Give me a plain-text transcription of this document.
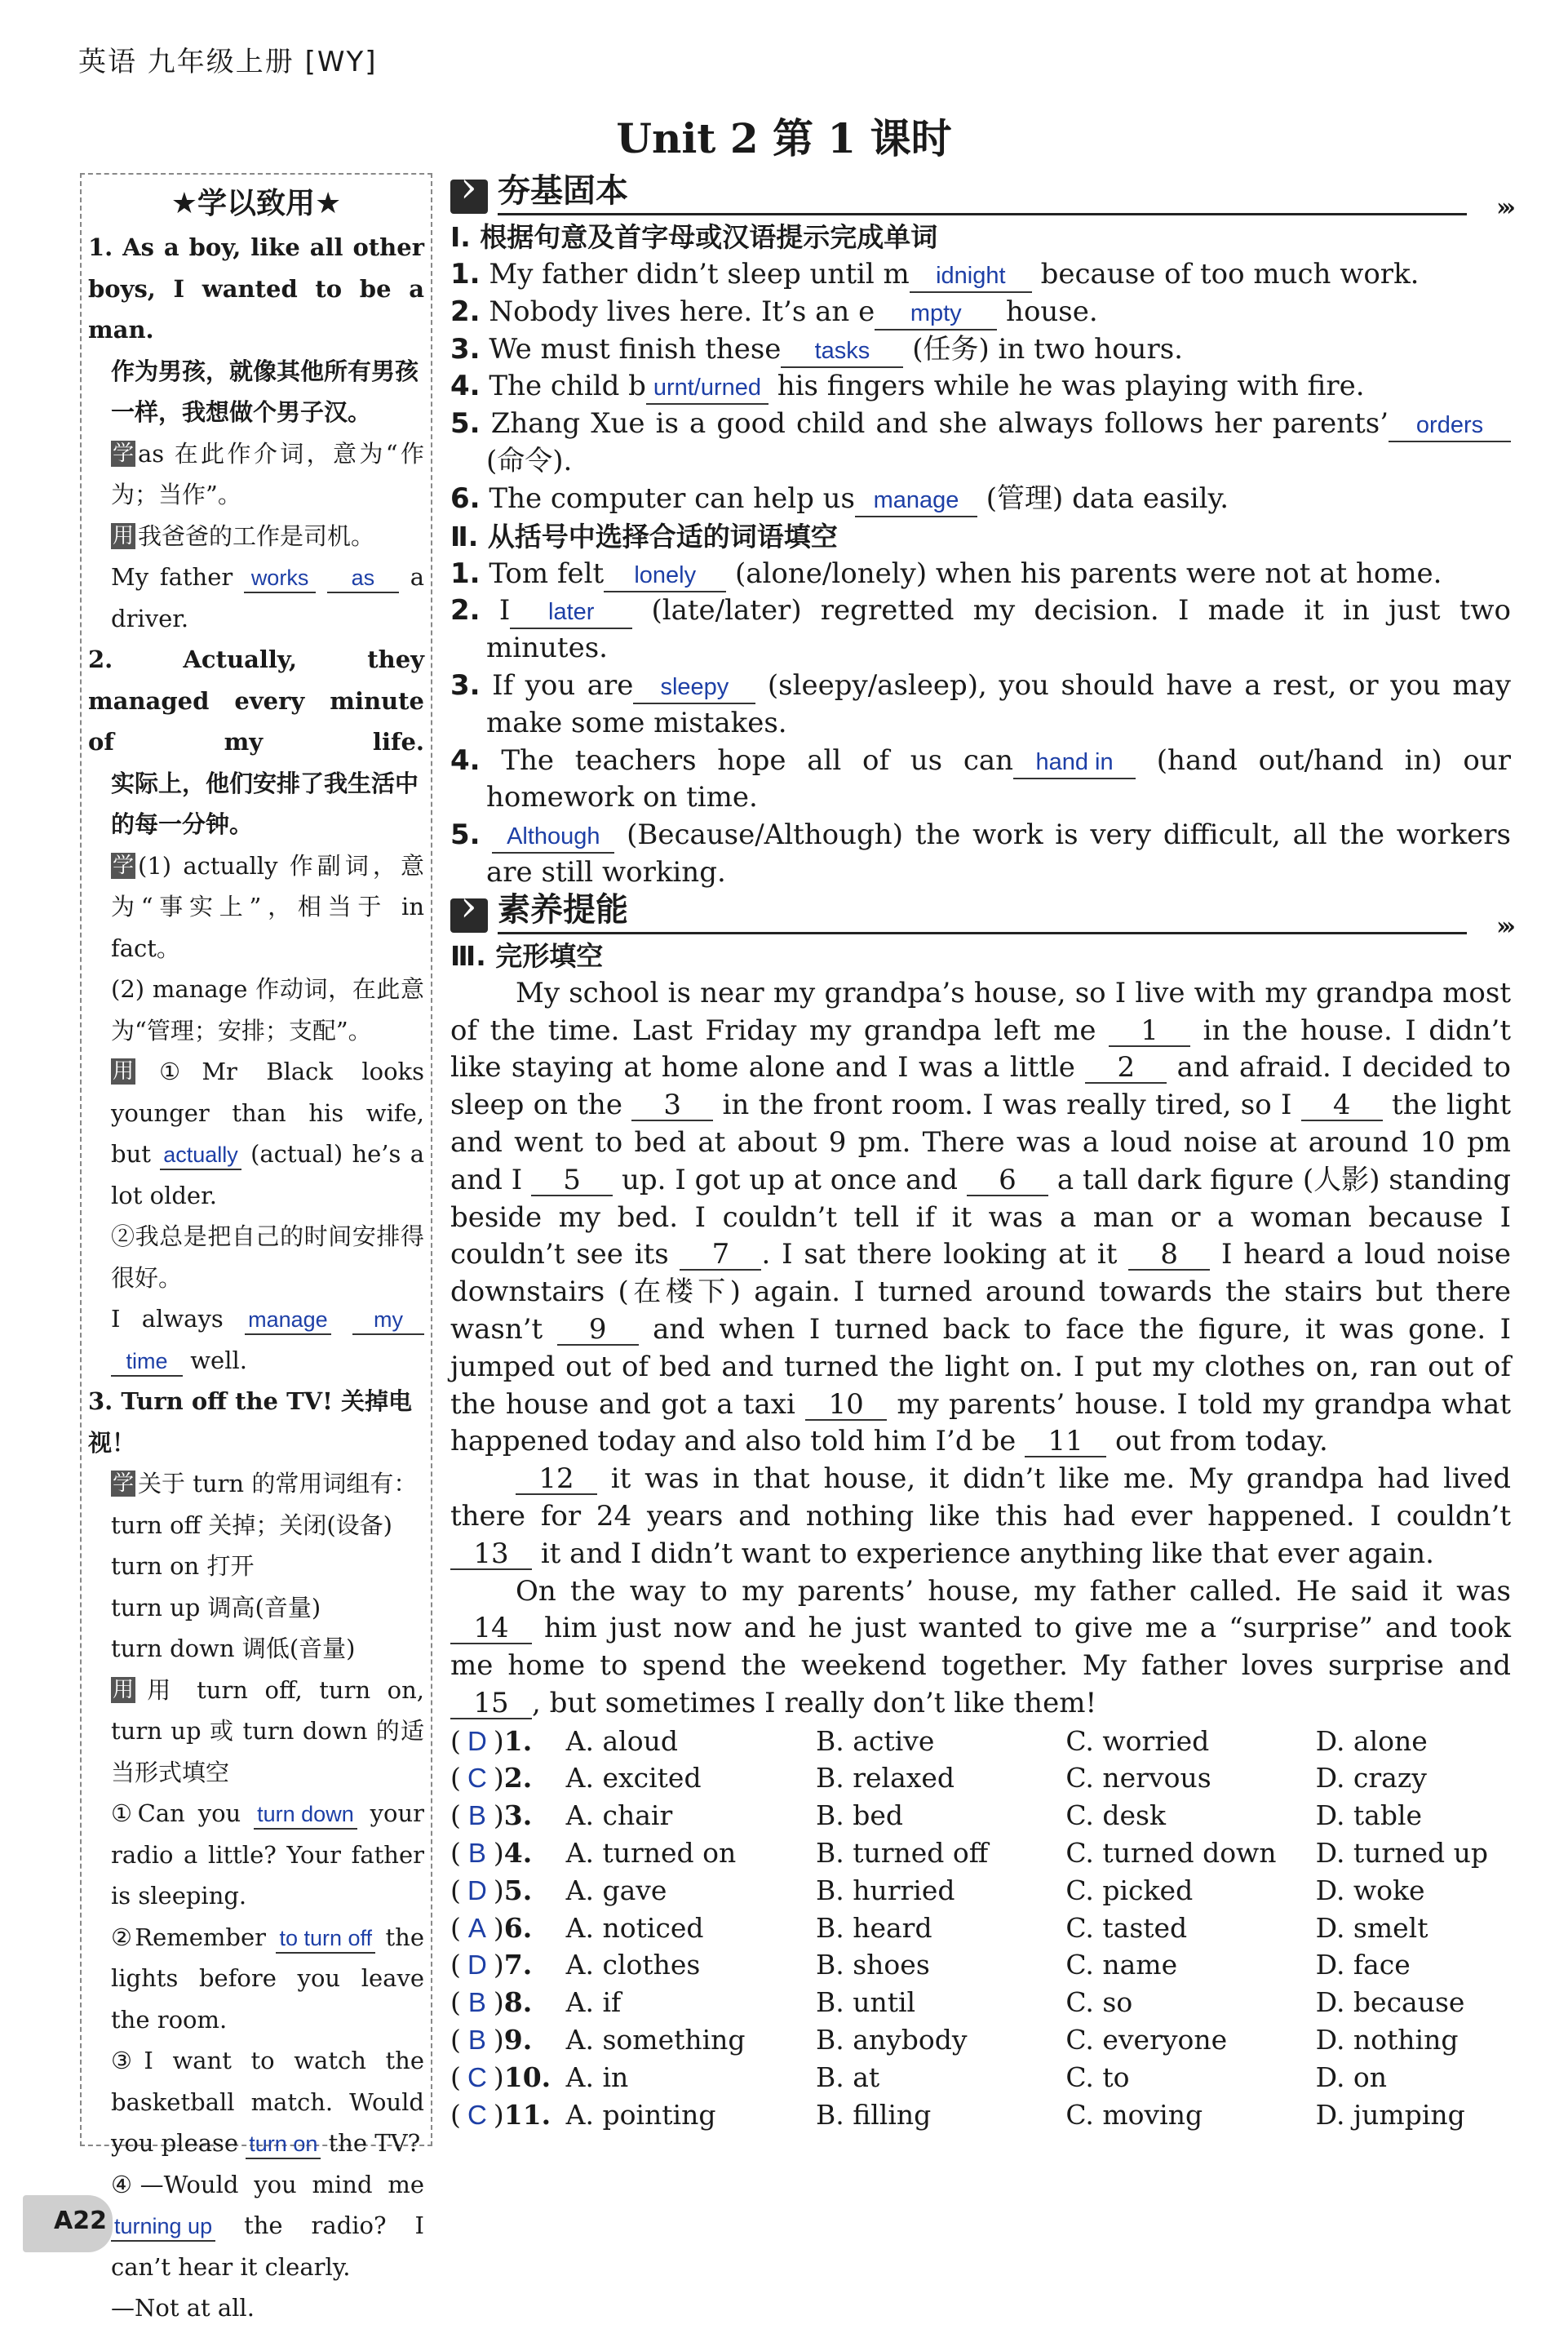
英语 九年级上册 [WY]
Unit 2 第 1 课时
★学以致用★
1. As a boy, like all other boys, I wanted to be a man.
作为男孩，就像其他所有男孩一样，我想做个男子汉。
学 as 在此作介词，意为“作为；当作”。
用 我爸爸的工作是司机。
My father works as a driver.
2. Actually, they managed every minute of my life.
实际上，他们安排了我生活中的每一分钟。
学 (1) actually 作副词，意为“事实上”，相当于 in fact。
(2) manage 作动词，在此意为“管理；安排；支配”。
用 ①Mr Black looks younger than his wife, but actually (actual) he’s a lot older.
②我总是把自己的时间安排得很好。
I always manage my time well.
3. Turn off the TV! 关掉电视！
学 关于 turn 的常用词组有：
turn off 关掉；关闭(设备)
turn on 打开
turn up 调高(音量)
turn down 调低(音量)
用 用 turn off, turn on, turn up 或 turn down 的适当形式填空
①Can you turn down your radio a little? Your father is sleeping.
②Remember to turn off the lights before you leave the room.
③I want to watch the basketball match. Would you please turn on the TV?
④—Would you mind me turning up the radio? I can’t hear it clearly.
—Not at all.
›
夯基固本	›››
Ⅰ. 根据句意及首字母或汉语提示完成单词
1. My father didn’t sleep until m idnight because of too much work.
2. Nobody lives here. It’s an e mpty house.
3. We must finish these tasks (任务) in two hours.
4. The child b urnt/urned his fingers while he was playing with fire.
5. Zhang Xue is a good child and she always follows her parents’ orders (命令).
6. The computer can help us manage (管理) data easily.
Ⅱ. 从括号中选择合适的词语填空
1. Tom felt lonely (alone/lonely) when his parents were not at home.
2. I later (late/later) regretted my decision. I made it in just two minutes.
3. If you are sleepy (sleepy/asleep), you should have a rest, or you may make some mistakes.
4. The teachers hope all of us can hand in (hand out/hand in) our homework on time.
5. Although (Because/Although) the work is very difficult, all the workers are still working.
›
素养提能	›››
Ⅲ. 完形填空
My school is near my grandpa’s house, so I live with my grandpa most of the time. Last Friday my grandpa left me 1 in the house. I didn’t like staying at home alone and I was a little 2 and afraid. I decided to sleep on the 3 in the front room. I was really tired, so I 4 the light and went to bed at about 9 pm. There was a loud noise at around 10 pm and I 5 up. I got up at once and 6 a tall dark figure (人影) standing beside my bed. I couldn’t tell if it was a man or a woman because I couldn’t see its 7 . I sat there looking at it 8 I heard a loud noise downstairs (在楼下) again. I turned around towards the stairs but there wasn’t 9 and when I turned back to face the figure, it was gone. I jumped out of bed and turned the light on. I put my clothes on, ran out of the house and got a taxi 10 my parents’ house. I told my grandpa what happened today and also told him I’d be 11 out from today.
12 it was in that house, it didn’t like me. My grandpa had lived there for 24 years and nothing like this had ever happened. I couldn’t 13 it and I didn’t want to experience anything like that ever again.
On the way to my parents’ house, my father called. He said it was 14 him just now and he just wanted to give me a “surprise” and took me home to spend the weekend together. My father loves surprise and 15 , but sometimes I really don’t like them!
( D )1.	A. aloud	B. active	C. worried	D. alone
( C )2.	A. excited	B. relaxed	C. nervous	D. crazy
( B )3.	A. chair	B. bed	C. desk	D. table
( B )4.	A. turned on	B. turned off	C. turned down	D. turned up
( D )5.	A. gave	B. hurried	C. picked	D. woke
( A )6.	A. noticed	B. heard	C. tasted	D. smelt
( D )7.	A. clothes	B. shoes	C. name	D. face
( B )8.	A. if	B. until	C. so	D. because
( B )9.	A. something	B. anybody	C. everyone	D. nothing
( C )10. A. in	B. at	C. to	D. on
( C )11. A. pointing	B. filling	C. moving	D. jumping
A22
